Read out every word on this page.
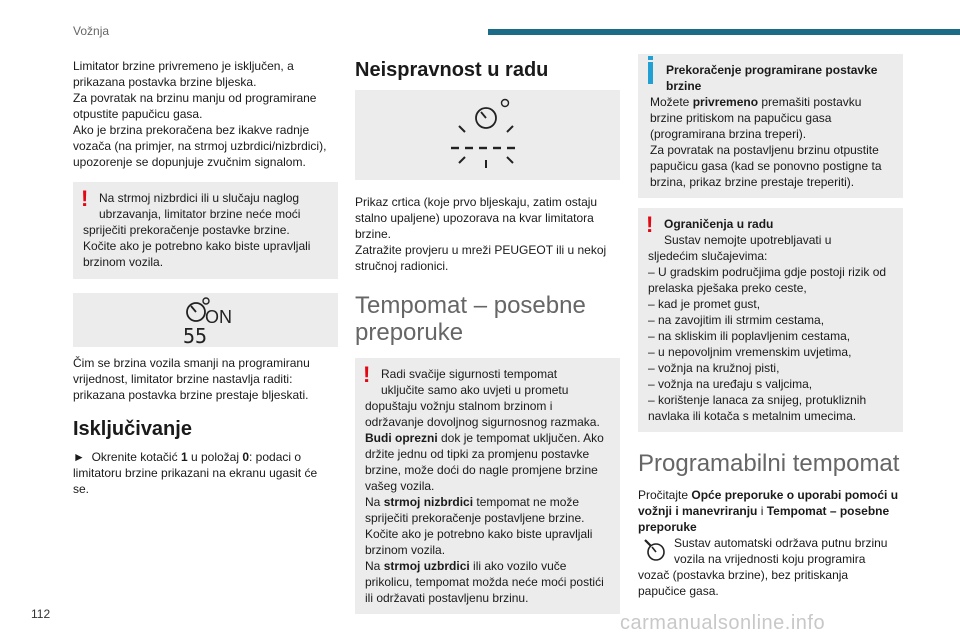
Vožnja

Limitator brzine privremeno je isključen, a
prikazana postavka brzine bljeska.
Za povratak na brzinu manju od programirane
otpustite papučicu gasa.
Ako je brzina prekoračena bez ikakve radnje
vozača (na primjer, na strmoj uzbrdici/nizbrdici),
upozorenje se dopunjuje zvučnim signalom.

! Na strmoj nizbrdici ili u slučaju naglog
ubrzavanja, limitator brzine neće moći
spriječiti prekoračenje postavke brzine.
Kočite ako je potrebno kako biste upravljali
brzinom vozila.
ON
55

Čim se brzina vozila smanji na programiranu
vrijednost, limitator brzine nastavlja raditi:
prikazana postavka brzine prestaje bljeskati.

Isključivanje

► Okrenite kotačić 1 u položaj 0: podaci o
limitatoru brzine prikazani na ekranu ugasit će
se.

Neispravnost u radu

Prikaz crtica (koje prvo bljeskaju, zatim ostaju
stalno upaljene) upozorava na kvar limitatora
brzine.
Zatražite provjeru u mreži PEUGEOT ili u nekoj
stručnoj radionici.

Tempomat – posebne
preporuke
! Radi svačije sigurnosti tempomat
uključite samo ako uvjeti u prometu
dopuštaju vožnju stalnom brzinom i
održavanje dovoljnog sigurnosnog razmaka.
Budi oprezni dok je tempomat uključen. Ako
držite jednu od tipki za promjenu postavke
brzine, može doći do nagle promjene brzine
vašeg vozila.
Na strmoj nizbrdici tempomat ne može
spriječiti prekoračenje postavljene brzine.
Kočite ako je potrebno kako biste upravljali
brzinom vozila.
Na strmoj uzbrdici ili ako vozilo vuče
prikolicu, tempomat možda neće moći postići
ili održavati postavljenu brzinu.
Prekoračenje programirane postavke
brzine
Možete privremeno premašiti postavku
brzine pritiskom na papučicu gasa
(programirana brzina treperi).
Za povratak na postavljenu brzinu otpustite
papučicu gasa (kad se ponovno postigne ta
brzina, prikaz brzine prestaje treperiti).
! Ograničenja u radu
Sustav nemojte upotrebljavati u
sljedećim slučajevima:
– U gradskim područjima gdje postoji rizik od
prelaska pješaka preko ceste,
– kad je promet gust,
– na zavojitim ili strmim cestama,
– na skliskim ili poplavljenim cestama,
– u nepovoljnim vremenskim uvjetima,
– vožnja na kružnoj pisti,
– vožnja na uređaju s valjcima,
– korištenje lanaca za snijeg, protukliznih
navlaka ili kotača s metalnim umecima.
Programabilni tempomat

Pročitajte Opće preporuke o uporabi pomoći u vožnji i manevriranju i Tempomat – posebne
preporuke

Sustav automatski održava putnu brzinu
vozila na vrijednosti koju programira
vozač (postavka brzine), bez pritiskanja
papučice gasa.
112	carmanualsonline.info
